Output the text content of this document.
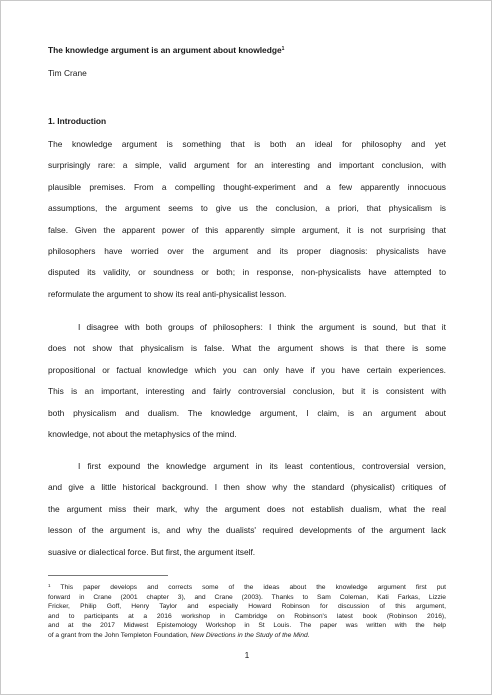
The knowledge argument is an argument about knowledge$^1$
Tim Crane
1. Introduction
The knowledge argument is something that is both an ideal for philosophy and yet
surprisingly rare: a simple, valid argument for an interesting and important conclusion, with
plausible premises. From a compelling thought-experiment and a few apparently innocuous
assumptions, the argument seems to give us the conclusion, a priori, that physicalism is
false. Given the apparent power of this apparently simple argument, it is not surprising that
philosophers have worried over the argument and its proper diagnosis: physicalists have
disputed its validity, or soundness or both; in response, non-physicalists have attempted to
reformulate the argument to show its real anti-physicalist lesson.
I disagree with both groups of philosophers: I think the argument is sound, but that it
does not show that physicalism is false. What the argument shows is that there is some
propositional or factual knowledge which you can only have if you have certain experiences.
This is an important, interesting and fairly controversial conclusion, but it is consistent with
both physicalism and dualism. The knowledge argument, I claim, is an argument about
knowledge, not about the metaphysics of the mind.
I first expound the knowledge argument in its least contentious, controversial version,
and give a little historical background. I then show why the standard (physicalist) critiques of
the argument miss their mark, why the argument does not establish dualism, what the real
lesson of the argument is, and why the dualists' required developments of the argument lack
suasive or dialectical force. But first, the argument itself.
$^1$ This paper develops and corrects some of the ideas about the knowledge argument first put
forward in Crane (2001 chapter 3), and Crane (2003). Thanks to Sam Coleman, Kati Farkas, Lizzie
Fricker, Philip Goff, Henry Taylor and especially Howard Robinson for discussion of this argument,
and to participants at a 2016 workshop in Cambridge on Robinson's latest book (Robinson 2016),
and at the 2017 Midwest Epistemology Workshop in St Louis. The paper was written with the help
of a grant from the John Templeton Foundation, New Directions in the Study of the Mind.
1
